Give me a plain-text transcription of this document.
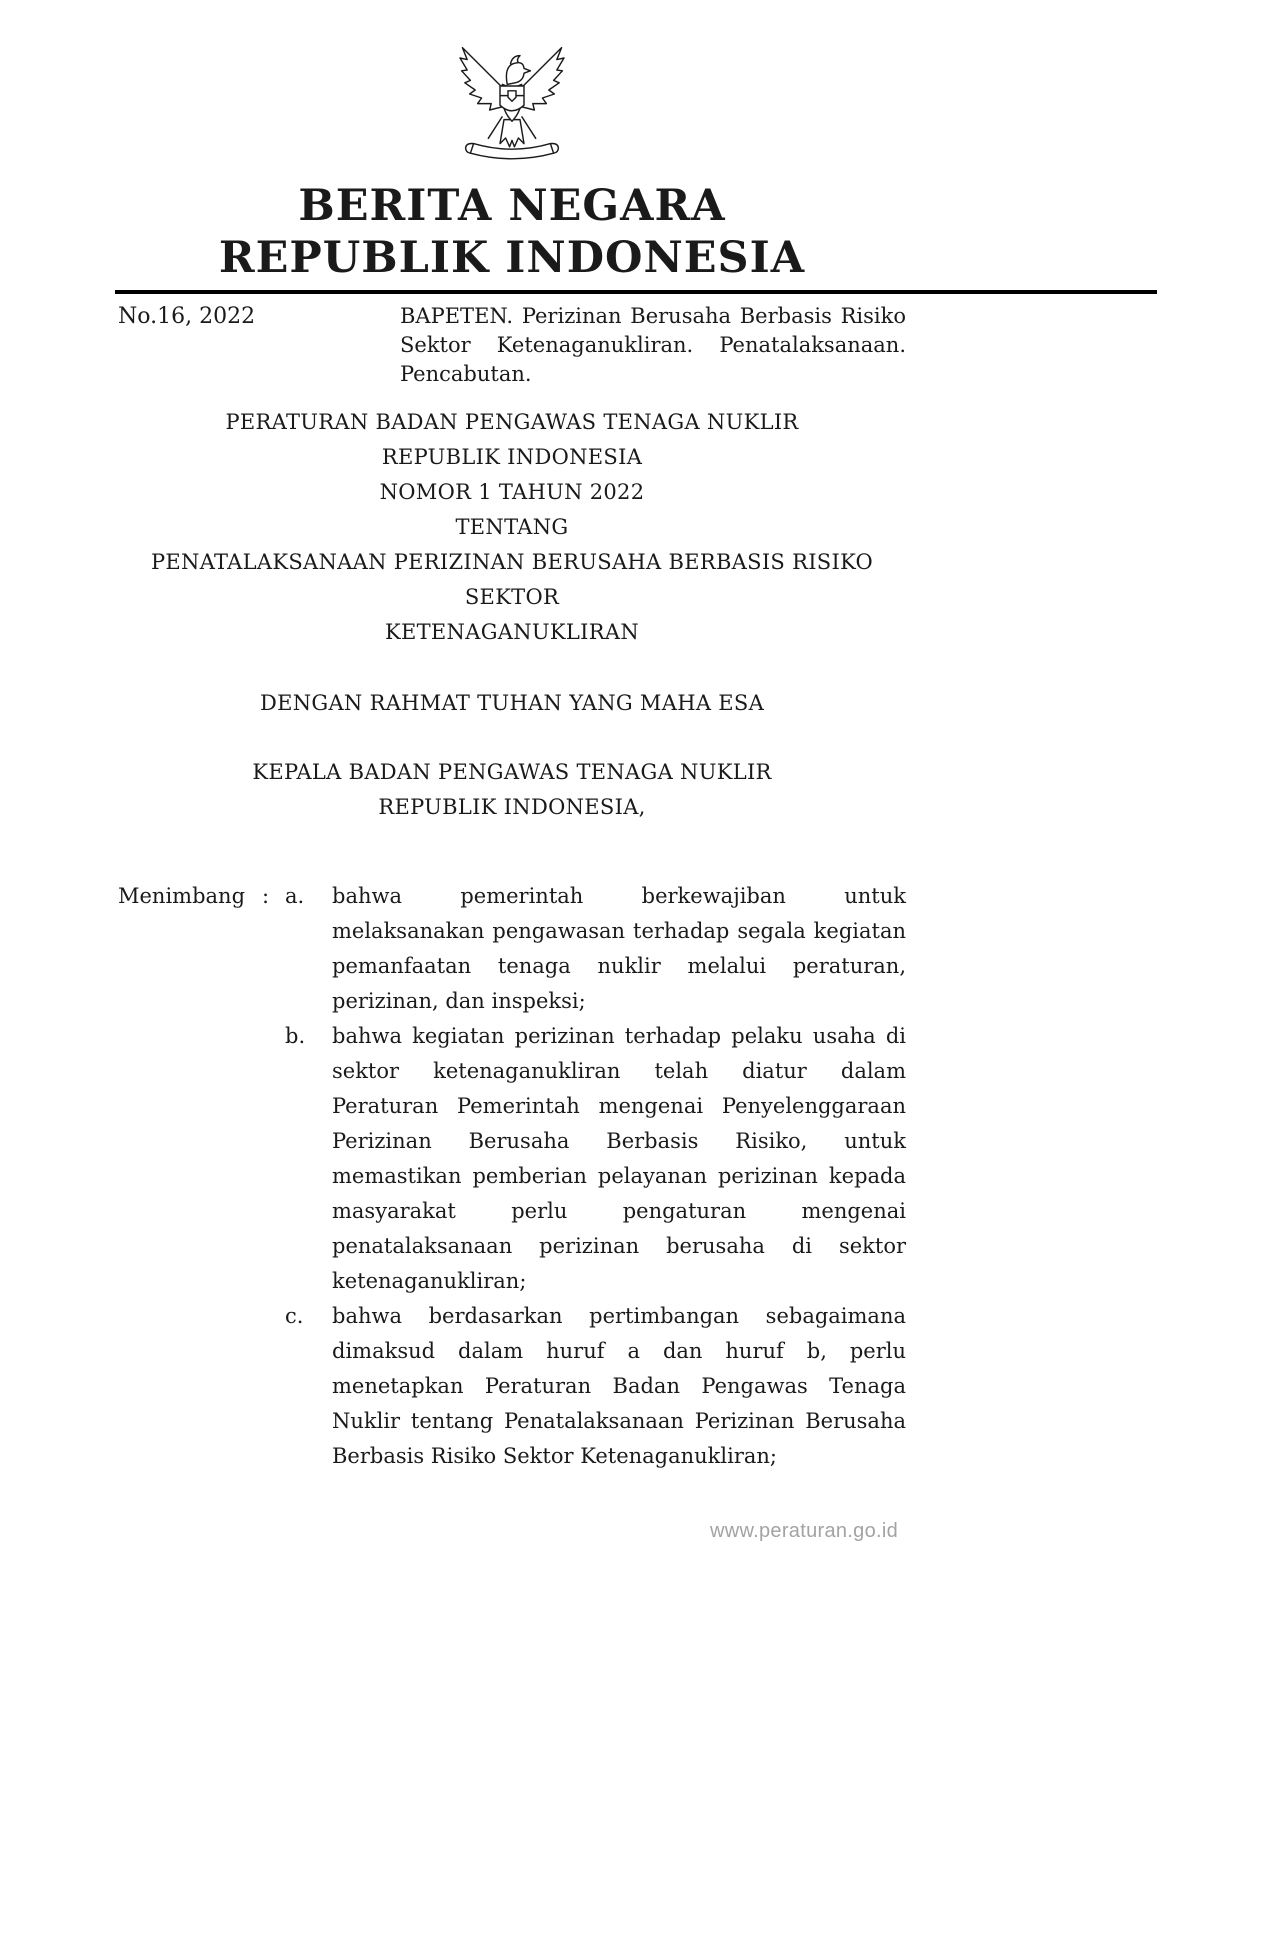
BERITA NEGARA
REPUBLIK INDONESIA
No.16, 2022	BAPETEN. Perizinan Berusaha Berbasis Risiko Sektor Ketenaganukliran. Penatalaksanaan. Pencabutan.
PERATURAN BADAN PENGAWAS TENAGA NUKLIR
REPUBLIK INDONESIA
NOMOR 1 TAHUN 2022
TENTANG
PENATALAKSANAAN PERIZINAN BERUSAHA BERBASIS RISIKO SEKTOR
KETENAGANUKLIRAN
DENGAN RAHMAT TUHAN YANG MAHA ESA
KEPALA BADAN PENGAWAS TENAGA NUKLIR
REPUBLIK INDONESIA,
Menimbang : a.	bahwa pemerintah berkewajiban untuk melaksanakan pengawasan terhadap segala kegiatan pemanfaatan tenaga nuklir melalui peraturan, perizinan, dan inspeksi;
b.	bahwa kegiatan perizinan terhadap pelaku usaha di sektor ketenaganukliran telah diatur dalam Peraturan Pemerintah mengenai Penyelenggaraan Perizinan Berusaha Berbasis Risiko, untuk memastikan pemberian pelayanan perizinan kepada masyarakat perlu pengaturan mengenai penatalaksanaan perizinan berusaha di sektor ketenaganukliran;
c.	bahwa berdasarkan pertimbangan sebagaimana dimaksud dalam huruf a dan huruf b, perlu menetapkan Peraturan Badan Pengawas Tenaga Nuklir tentang Penatalaksanaan Perizinan Berusaha Berbasis Risiko Sektor Ketenaganukliran;
www.peraturan.go.id
